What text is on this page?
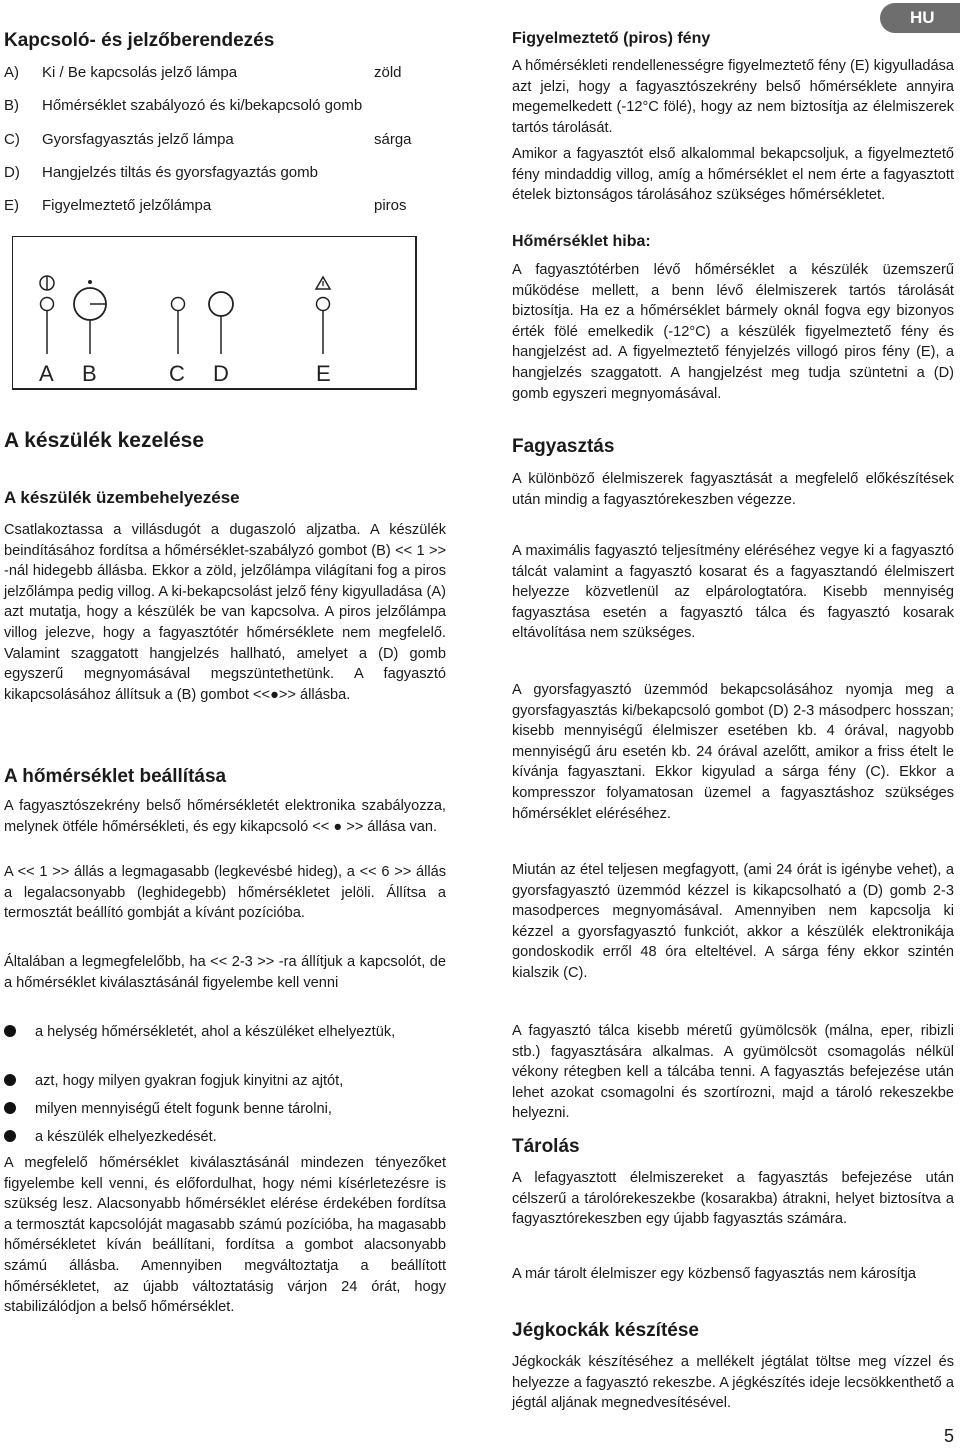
HU
Kapcsoló- és jelzőberendezés
A) Ki / Be kapcsolás jelző lámpa	zöld
B) Hőmérséklet szabályozó és ki/bekapcsoló gomb
C) Gyorsfagyasztás jelző lámpa	sárga
D) Hangjelzés tiltás és gyorsfagyaztás gomb
E) Figyelmeztető jelzőlámpa	piros
A B	C D	E
A készülék kezelése
A készülék üzembehelyezése

Csatlakoztassa a villásdugót a dugaszoló aljzatba. A készülék beindításához fordítsa a hőmérséklet-szabályzó gombot (B) << 1 >> -nál hidegebb állásba. Ekkor a zöld, jelzőlámpa világítani fog a piros jelzőlámpa pedig villog. A ki-bekapcsolást jelző fény kigyulladása (A) azt mutatja, hogy a készülék be van kapcsolva. A piros jelzőlámpa villog jelezve, hogy a fagyasztótér hőmérséklete nem megfelelő. Valamint szaggatott hangjelzés hallható, amelyet a (D) gomb egyszerű megnyomásával megszüntethetünk. A fagyasztó kikapcsolásához állítsuk a (B) gombot <<●>> állásba.

A hőmérséklet beállítása

A fagyasztószekrény belső hőmérsékletét elektronika szabályozza, melynek ötféle hőmérsékleti, és egy kikapcsoló << ● >> állása van.

A << 1 >> állás a legmagasabb (legkevésbé hideg), a << 6 >> állás a legalacsonyabb (leghidegebb) hőmérsékletet jelöli. Állítsa a termosztát beállító gombját a kívánt pozícióba.

Általában a legmegfelelőbb, ha << 2-3 >> -ra állítjuk a kapcsolót, de a hőmérséklet kiválasztásánál figyelembe kell venni

a helység hőmérsékletét, ahol a készüléket elhelyeztük,
azt, hogy milyen gyakran fogjuk kinyitni az ajtót,
milyen mennyiségű ételt fogunk benne tárolni,
a készülék elhelyezkedését.

A megfelelő hőmérséklet kiválasztásánál mindezen tényezőket figyelembe kell venni, és előfordulhat, hogy némi kísérletezésre is szükség lesz. Alacsonyabb hőmérséklet elérése érdekében fordítsa a termosztát kapcsolóját magasabb számú pozícióba, ha magasabb hőmérsékletet kíván beállítani, fordítsa a gombot alacsonyabb számú állásba. Amennyiben megváltoztatja a beállított hőmérsékletet, az újabb változtatásig várjon 24 órát, hogy stabilizálódjon a belső hőmérséklet.

Figyelmeztető (piros) fény

A hőmérsékleti rendellenességre figyelmeztető fény (E) kigyulladása azt jelzi, hogy a fagyasztószekrény belső hőmérséklete annyira megemelkedett (-12°C fölé), hogy az nem biztosítja az élelmiszerek tartós tárolását.

Amikor a fagyasztót első alkalommal bekapcsoljuk, a figyelmeztető fény mindaddig villog, amíg a hőmérséklet el nem érte a fagyasztott ételek biztonságos tárolásához szükséges hőmérsékletet.

Hőmérséklet hiba:

A fagyasztótérben lévő hőmérséklet a készülék üzemszerű működése mellett, a benn lévő élelmiszerek tartós tárolását biztosítja. Ha ez a hőmérséklet bármely oknál fogva egy bizonyos érték fölé emelkedik (-12°C) a készülék figyelmeztető fény és hangjelzést ad. A figyelmeztető fényjelzés villogó piros fény (E), a hangjelzés szaggatott. A hangjelzést meg tudja szüntetni a (D) gomb egyszeri megnyomásával.

Fagyasztás

A különböző élelmiszerek fagyasztását a megfelelő előkészítések után mindig a fagyasztórekeszben végezze.

A maximális fagyasztó teljesítmény eléréséhez vegye ki a fagyasztó tálcát valamint a fagyasztó kosarat és a fagyasztandó élelmiszert helyezze közvetlenül az elpárologtatóra. Kisebb mennyiség fagyasztása esetén a fagyasztó tálca és fagyasztó kosarak eltávolítása nem szükséges.

A gyorsfagyasztó üzemmód bekapcsolásához nyomja meg a gyorsfagyasztás ki/bekapcsoló gombot (D) 2-3 másodperc hosszan; kisebb mennyiségű élelmiszer esetében kb. 4 órával, nagyobb mennyiségű áru esetén kb. 24 órával azelőtt, amikor a friss ételt le kívánja fagyasztani. Ekkor kigyulad a sárga fény (C). Ekkor a kompresszor folyamatosan üzemel a fagyasztáshoz szükséges hőmérséklet eléréséhez.

Miután az étel teljesen megfagyott, (ami 24 órát is igénybe vehet), a gyorsfagyasztó üzemmód kézzel is kikapcsolható a (D) gomb 2-3 masodperces megnyomásával. Amennyiben nem kapcsolja ki kézzel a gyorsfagyasztó funkciót, akkor a készülék elektronikája gondoskodik erről 48 óra elteltével. A sárga fény ekkor szintén kialszik (C).

A fagyasztó tálca kisebb méretű gyümölcsök (málna, eper, ribizli stb.) fagyasztására alkalmas. A gyümölcsöt csomagolás nélkül vékony rétegben kell a tálcába tenni. A fagyasztás befejezése után lehet azokat csomagolni és szortírozni, majd a tároló rekeszekbe helyezni.

Tárolás

A lefagyasztott élelmiszereket a fagyasztás befejezése után célszerű a tárolórekeszekbe (kosarakba) átrakni, helyet biztosítva a fagyasztórekeszben egy újabb fagyasztás számára.

A már tárolt élelmiszer egy közbenső fagyasztás nem károsítja

Jégkockák készítése

Jégkockák készítéséhez a mellékelt jégtálat töltse meg vízzel és helyezze a fagyasztó rekeszbe. A jégkészítés ideje lecsökkenthető a jégtál aljának megnedvesítésével.

5
